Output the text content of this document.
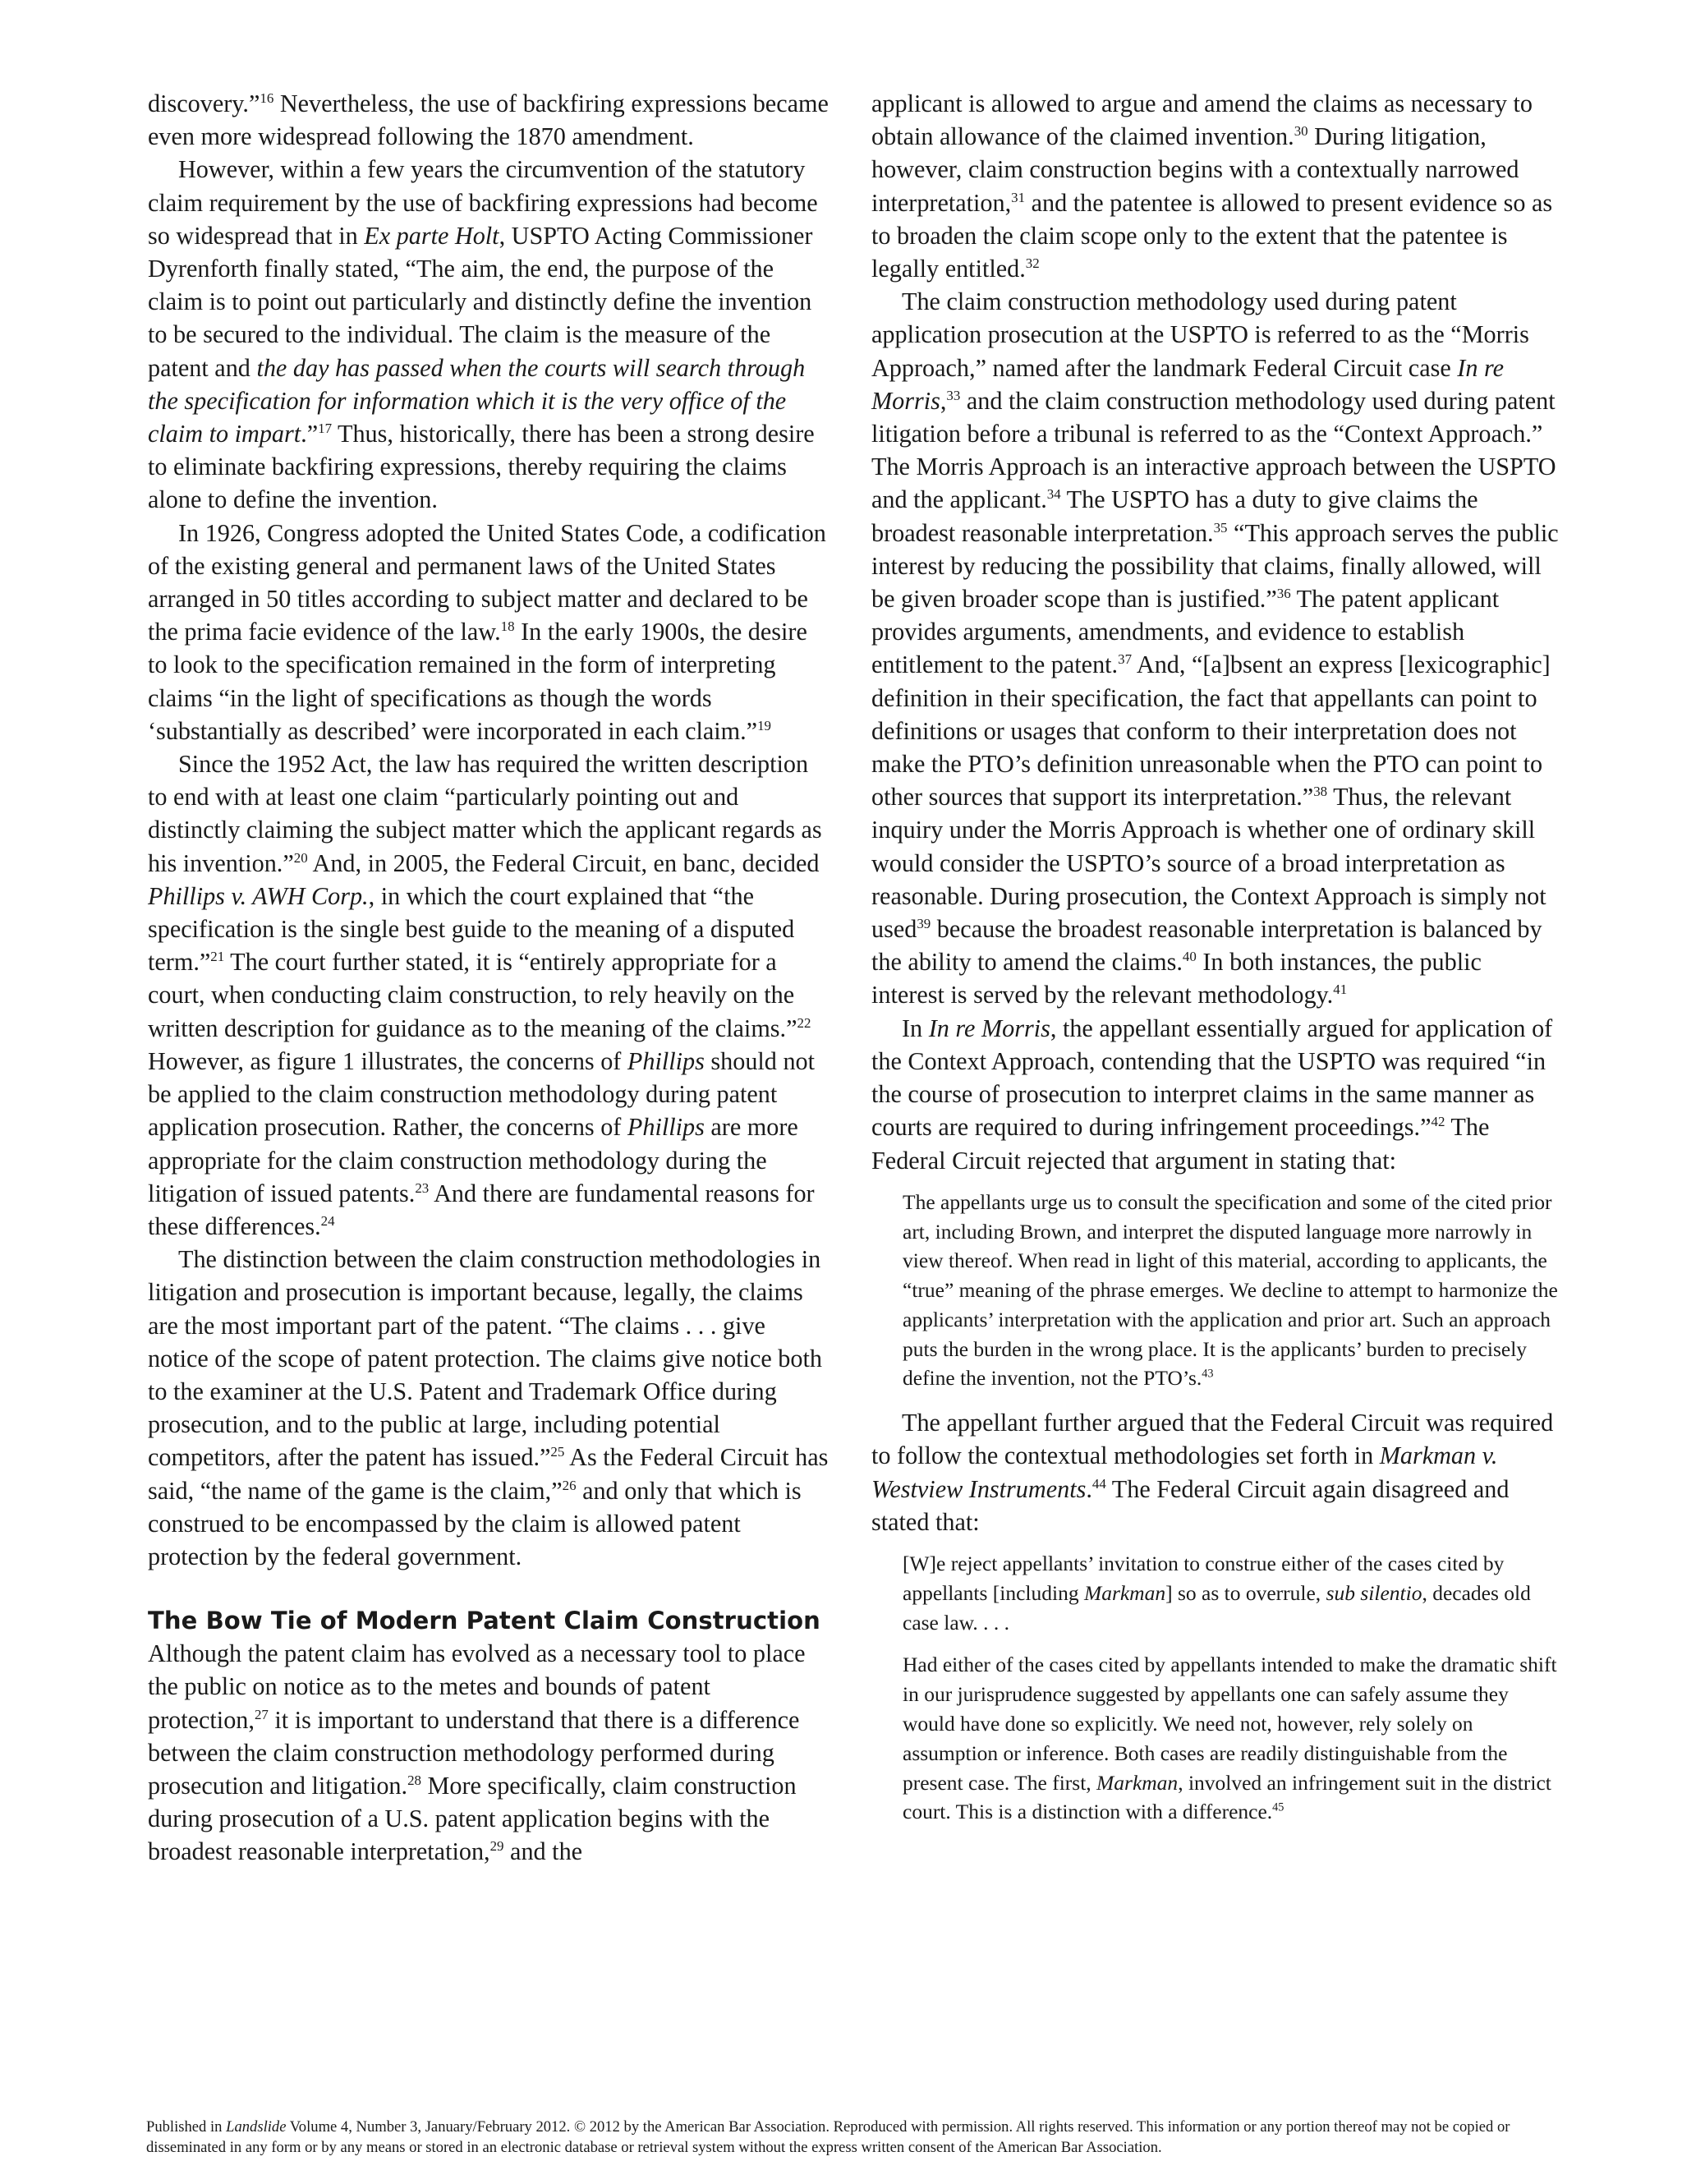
discovery.”$^{16}$ Nevertheless, the use of backfiring expressions became even more widespread following the 1870 amendment.

However, within a few years the circumvention of the statutory claim requirement by the use of backfiring expressions had become so widespread that in Ex parte Holt, USPTO Acting Commissioner Dyrenforth finally stated, “The aim, the end, the purpose of the claim is to point out particularly and distinctly define the invention to be secured to the individual. The claim is the measure of the patent and the day has passed when the courts will search through the specification for information which it is the very office of the claim to impart.”$^{17}$ Thus, historically, there has been a strong desire to eliminate backfiring expressions, thereby requiring the claims alone to define the invention.

In 1926, Congress adopted the United States Code, a codification of the existing general and permanent laws of the United States arranged in 50 titles according to subject matter and declared to be the prima facie evidence of the law.$^{18}$ In the early 1900s, the desire to look to the specification remained in the form of interpreting claims “in the light of specifications as though the words ‘substantially as described’ were incorporated in each claim.”$^{19}$

Since the 1952 Act, the law has required the written description to end with at least one claim “particularly pointing out and distinctly claiming the subject matter which the applicant regards as his invention.”$^{20}$ And, in 2005, the Federal Circuit, en banc, decided Phillips v. AWH Corp., in which the court explained that “the specification is the single best guide to the meaning of a disputed term.”$^{21}$ The court further stated, it is “entirely appropriate for a court, when conducting claim construction, to rely heavily on the written description for guidance as to the meaning of the claims.”$^{22}$ However, as figure 1 illustrates, the concerns of Phillips should not be applied to the claim construction methodology during patent application prosecution. Rather, the concerns of Phillips are more appropriate for the claim construction methodology during the litigation of issued patents.$^{23}$ And there are fundamental reasons for these differences.$^{24}$

The distinction between the claim construction methodologies in litigation and prosecution is important because, legally, the claims are the most important part of the patent. “The claims . . . give notice of the scope of patent protection. The claims give notice both to the examiner at the U.S. Patent and Trademark Office during prosecution, and to the public at large, including potential competitors, after the patent has issued.”$^{25}$ As the Federal Circuit has said, “the name of the game is the claim,”$^{26}$ and only that which is construed to be encompassed by the claim is allowed patent protection by the federal government.

The Bow Tie of Modern Patent Claim Construction

Although the patent claim has evolved as a necessary tool to place the public on notice as to the metes and bounds of patent protection,$^{27}$ it is important to understand that there is a difference between the claim construction methodology performed during prosecution and litigation.$^{28}$ More specifically, claim construction during prosecution of a U.S. patent application begins with the broadest reasonable interpretation,$^{29}$ and the

applicant is allowed to argue and amend the claims as necessary to obtain allowance of the claimed invention.$^{30}$ During litigation, however, claim construction begins with a contextually narrowed interpretation,$^{31}$ and the patentee is allowed to present evidence so as to broaden the claim scope only to the extent that the patentee is legally entitled.$^{32}$

The claim construction methodology used during patent application prosecution at the USPTO is referred to as the “Morris Approach,” named after the landmark Federal Circuit case In re Morris,$^{33}$ and the claim construction methodology used during patent litigation before a tribunal is referred to as the “Context Approach.” The Morris Approach is an interactive approach between the USPTO and the applicant.$^{34}$ The USPTO has a duty to give claims the broadest reasonable interpretation.$^{35}$ “This approach serves the public interest by reducing the possibility that claims, finally allowed, will be given broader scope than is justified.”$^{36}$ The patent applicant provides arguments, amendments, and evidence to establish entitlement to the patent.$^{37}$ And, “[a]bsent an express [lexicographic] definition in their specification, the fact that appellants can point to definitions or usages that conform to their interpretation does not make the PTO’s definition unreasonable when the PTO can point to other sources that support its interpretation.”$^{38}$ Thus, the relevant inquiry under the Morris Approach is whether one of ordinary skill would consider the USPTO’s source of a broad interpretation as reasonable. During prosecution, the Context Approach is simply not used$^{39}$ because the broadest reasonable interpretation is balanced by the ability to amend the claims.$^{40}$ In both instances, the public interest is served by the relevant methodology.$^{41}$

In In re Morris, the appellant essentially argued for application of the Context Approach, contending that the USPTO was required “in the course of prosecution to interpret claims in the same manner as courts are required to during infringement proceedings.”$^{42}$ The Federal Circuit rejected that argument in stating that:

The appellants urge us to consult the specification and some of the cited prior art, including Brown, and interpret the disputed language more narrowly in view thereof. When read in light of this material, according to applicants, the “true” meaning of the phrase emerges. We decline to attempt to harmonize the applicants’ interpretation with the application and prior art. Such an approach puts the burden in the wrong place. It is the applicants’ burden to precisely define the invention, not the PTO’s.$^{43}$

The appellant further argued that the Federal Circuit was required to follow the contextual methodologies set forth in Markman v. Westview Instruments.$^{44}$ The Federal Circuit again disagreed and stated that:

[W]e reject appellants’ invitation to construe either of the cases cited by appellants [including Markman] so as to overrule, sub silentio, decades old case law. . . .

Had either of the cases cited by appellants intended to make the dramatic shift in our jurisprudence suggested by appellants one can safely assume they would have done so explicitly. We need not, however, rely solely on assumption or inference. Both cases are readily distinguishable from the present case. The first, Markman, involved an infringement suit in the district court. This is a distinction with a difference.$^{45}$

Published in Landslide Volume 4, Number 3, January/February 2012. © 2012 by the American Bar Association. Reproduced with permission. All rights reserved. This information or any portion thereof may not be copied or disseminated in any form or by any means or stored in an electronic database or retrieval system without the express written consent of the American Bar Association.
